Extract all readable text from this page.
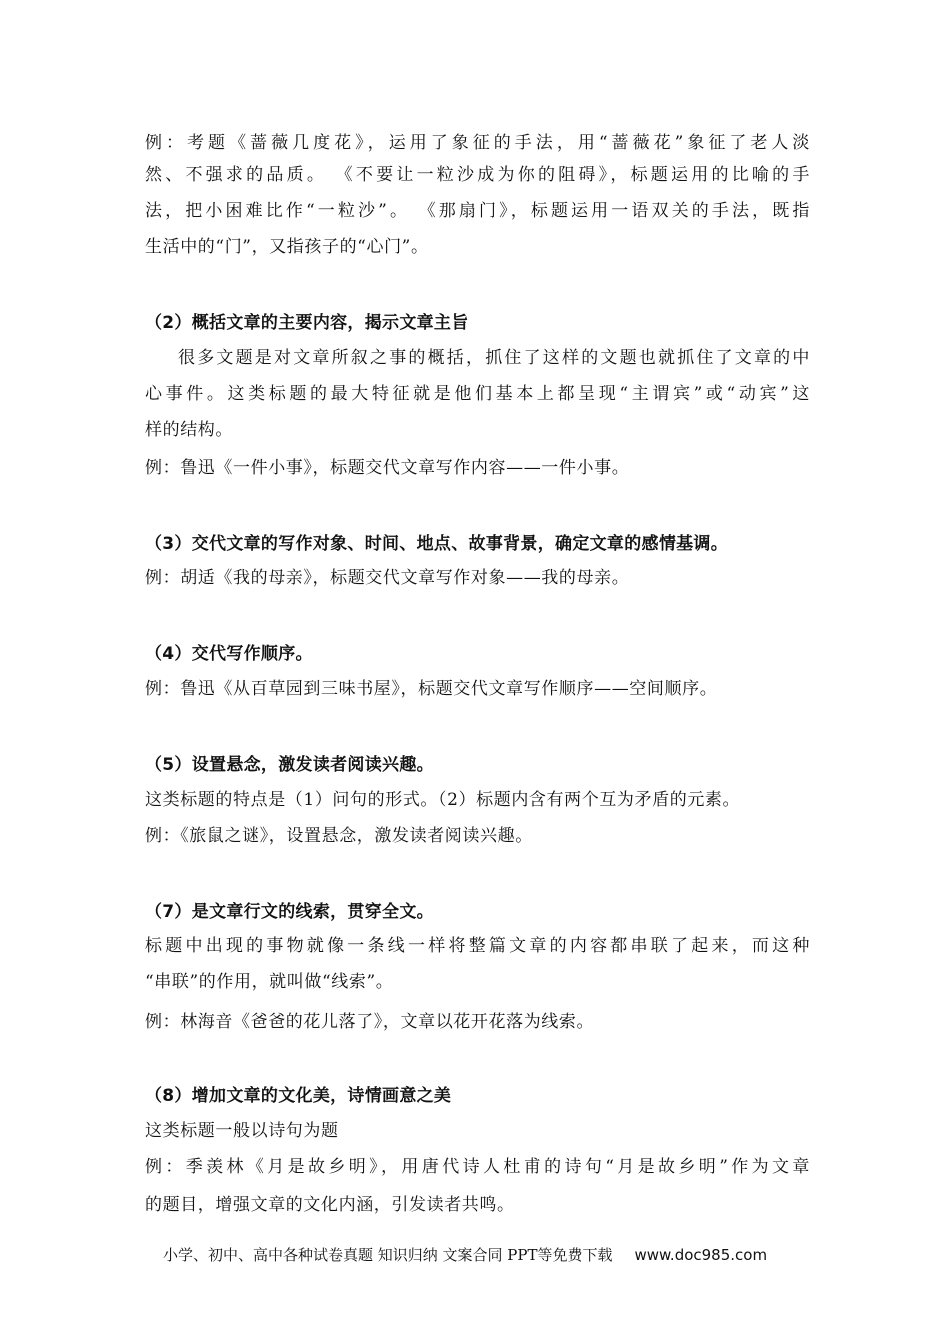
例：考题《蔷薇几度花》，运用了象征的手法，用“蔷薇花”象征了老人淡
然、不强求的品质。 《不要让一粒沙成为你的阻碍》，标题运用的比喻的手
法，把小困难比作“一粒沙”。 《那扇门》，标题运用一语双关的手法，既指
生活中的“门”，又指孩子的“心门”。
（2）概括文章的主要内容，揭示文章主旨
很多文题是对文章所叙之事的概括，抓住了这样的文题也就抓住了文章的中
心事件。这类标题的最大特征就是他们基本上都呈现“主谓宾”或“动宾”这
样的结构。
例：鲁迅《一件小事》，标题交代文章写作内容——一件小事。
（3）交代文章的写作对象、时间、地点、故事背景，确定文章的感情基调。
例：胡适《我的母亲》，标题交代文章写作对象——我的母亲。
（4）交代写作顺序。
例：鲁迅《从百草园到三味书屋》，标题交代文章写作顺序——空间顺序。
（5）设置悬念，激发读者阅读兴趣。
这类标题的特点是（1）问句的形式。（2）标题内含有两个互为矛盾的元素。
例：《旅鼠之谜》，设置悬念，激发读者阅读兴趣。
（7）是文章行文的线索，贯穿全文。
标题中出现的事物就像一条线一样将整篇文章的内容都串联了起来，而这种
“串联”的作用，就叫做“线索”。
例：林海音《爸爸的花儿落了》，文章以花开花落为线索。
（8）增加文章的文化美，诗情画意之美
这类标题一般以诗句为题
例：季羡林《月是故乡明》，用唐代诗人杜甫的诗句“月是故乡明”作为文章
的题目，增强文章的文化内涵，引发读者共鸣。
小学、初中、高中各种试卷真题 知识归纳 文案合同 PPT等免费下载 www.doc985.com
